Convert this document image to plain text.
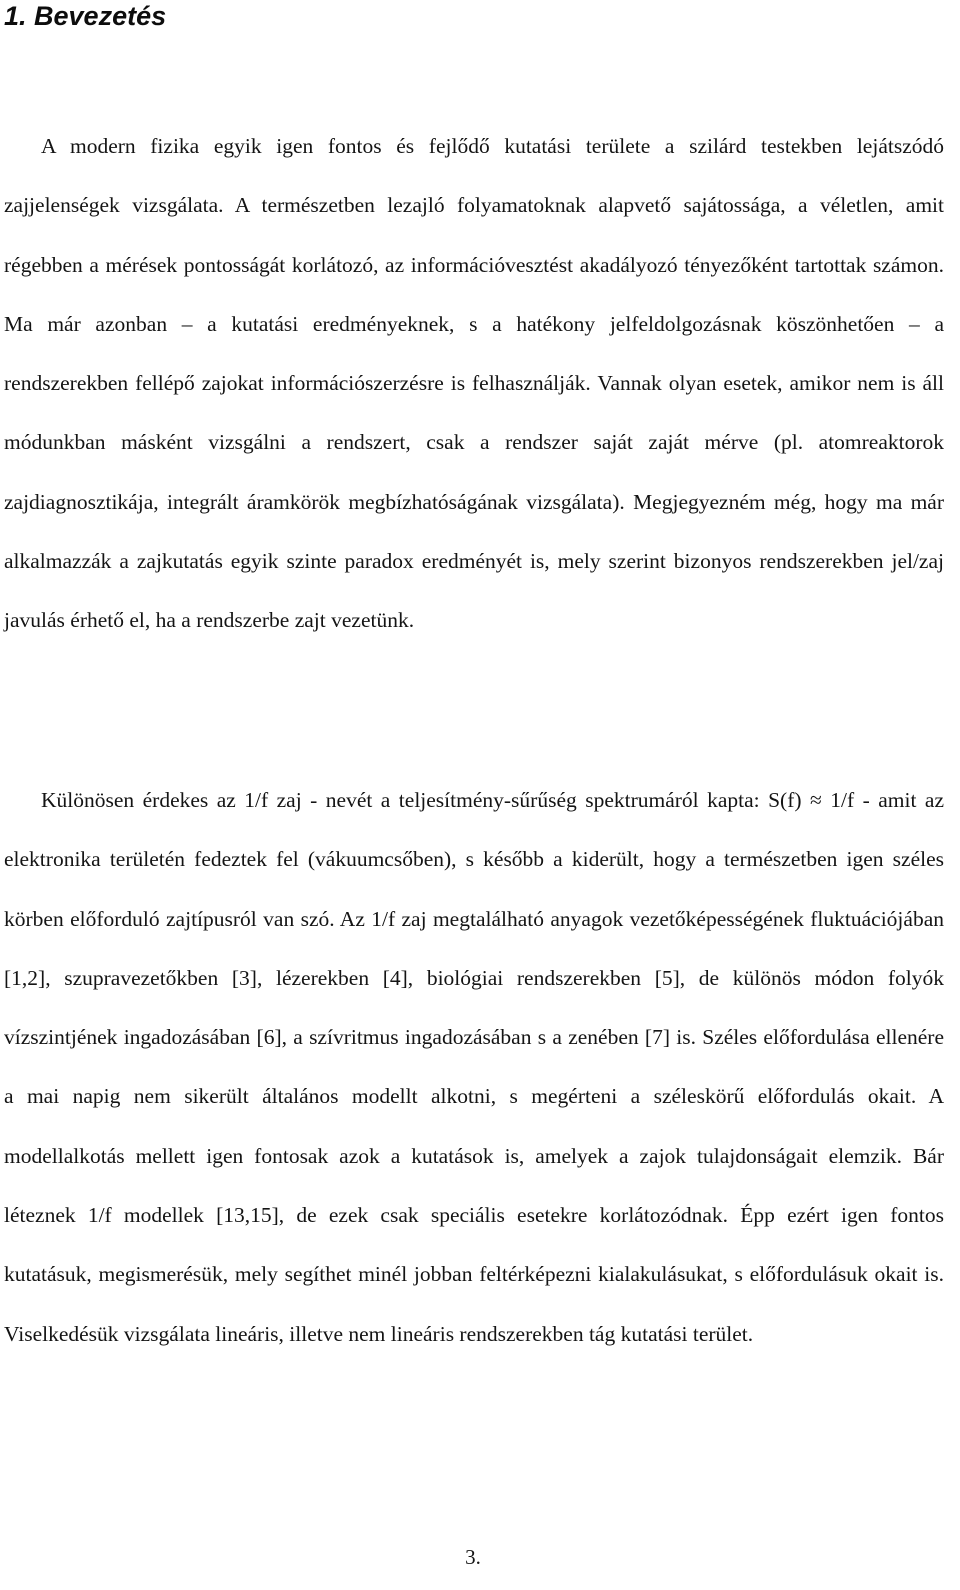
1. Bevezetés

A modern fizika egyik igen fontos és fejlődő kutatási területe a szilárd testekben lejátszódó zajjelenségek vizsgálata. A természetben lezajló folyamatoknak alapvető sajátossága, a véletlen, amit régebben a mérések pontosságát korlátozó, az információvesztést akadályozó tényezőként tartottak számon. Ma már azonban – a kutatási eredményeknek, s a hatékony jelfeldolgozásnak köszönhetően – a rendszerekben fellépő zajokat információszerzésre is felhasználják. Vannak olyan esetek, amikor nem is áll módunkban másként vizsgálni a rendszert, csak a rendszer saját zaját mérve (pl. atomreaktorok zajdiagnosztikája, integrált áramkörök megbízhatóságának vizsgálata). Megjegyezném még, hogy ma már alkalmazzák a zajkutatás egyik szinte paradox eredményét is, mely szerint bizonyos rendszerekben jel/zaj javulás érhető el, ha a rendszerbe zajt vezetünk.

Különösen érdekes az 1/f zaj - nevét a teljesítmény-sűrűség spektrumáról kapta: S(f) ≈ 1/f - amit az elektronika területén fedeztek fel (vákuumcsőben), s később a kiderült, hogy a természetben igen széles körben előforduló zajtípusról van szó. Az 1/f zaj megtalálható anyagok vezetőképességének fluktuációjában [1,2], szupravezetőkben [3], lézerekben [4], biológiai rendszerekben [5], de különös módon folyók vízszintjének ingadozásában [6], a szívritmus ingadozásában s a zenében [7] is. Széles előfordulása ellenére a mai napig nem sikerült általános modellt alkotni, s megérteni a széleskörű előfordulás okait. A modellalkotás mellett igen fontosak azok a kutatások is, amelyek a zajok tulajdonságait elemzik. Bár léteznek 1/f modellek [13,15], de ezek csak speciális esetekre korlátozódnak. Épp ezért igen fontos kutatásuk, megismerésük, mely segíthet minél jobban feltérképezni kialakulásukat, s előfordulásuk okait is. Viselkedésük vizsgálata lineáris, illetve nem lineáris rendszerekben tág kutatási terület.

3.
